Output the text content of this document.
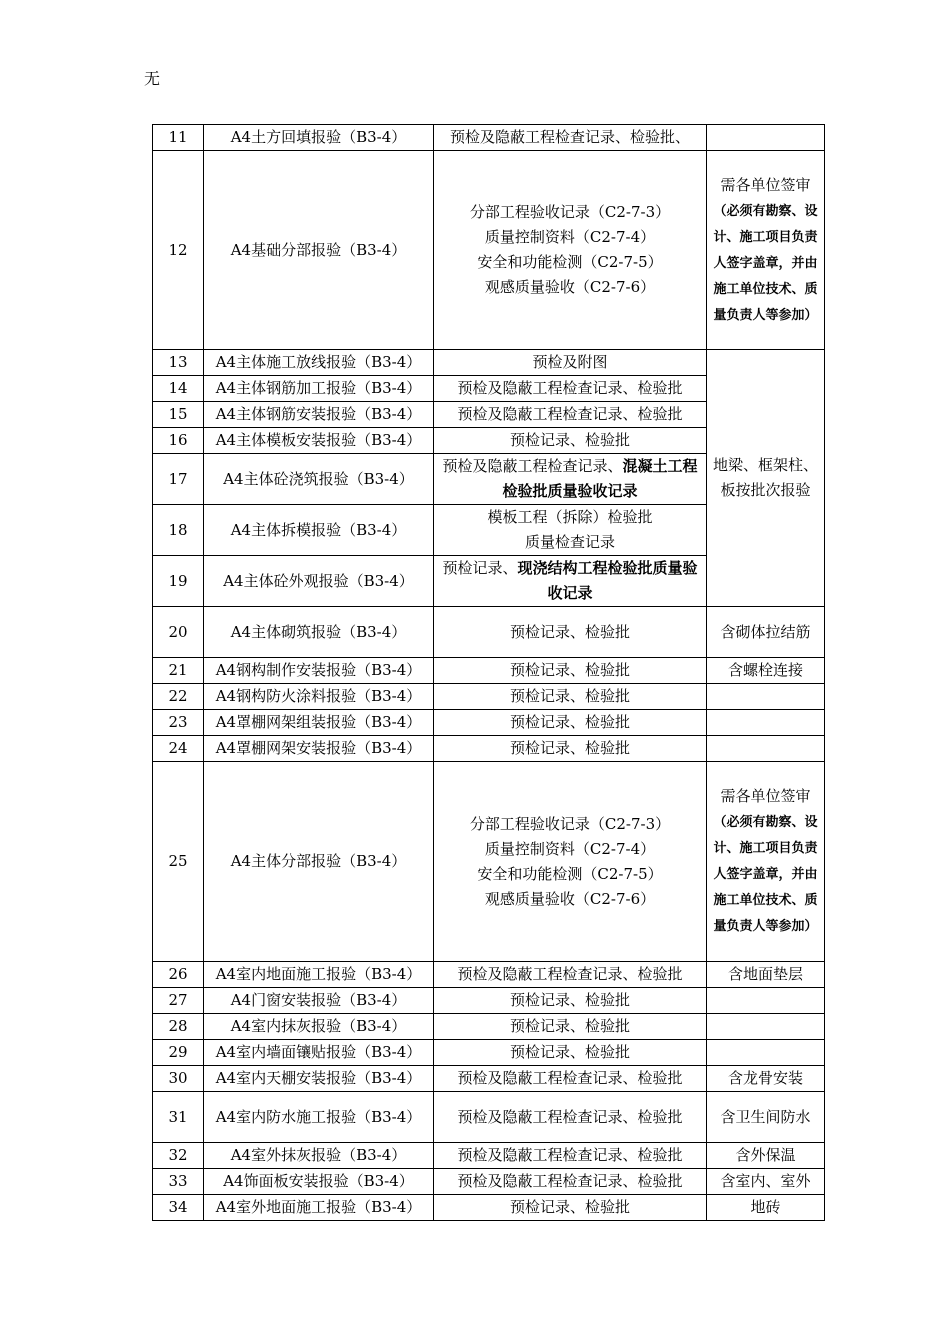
无
11	A4土方回填报验（B3-4）	预检及隐蔽工程检查记录、检验批、	
12	A4基础分部报验（B3-4）	分部工程验收记录（C2-7-3）
质量控制资料（C2-7-4）
安全和功能检测（C2-7-5）
观感质量验收（C2-7-6）	需各单位签审（必须有勘察、设计、施工项目负责人签字盖章，并由施工单位技术、质量负责人等参加）
13	A4主体施工放线报验（B3-4）	预检及附图	地梁、框架柱、板按批次报验
14	A4主体钢筋加工报验（B3-4）	预检及隐蔽工程检查记录、检验批	
15	A4主体钢筋安装报验（B3-4）	预检及隐蔽工程检查记录、检验批	
16	A4主体模板安装报验（B3-4）	预检记录、检验批	
17	A4主体砼浇筑报验（B3-4）	预检及隐蔽工程检查记录、混凝土工程检验批质量验收记录	
18	A4主体拆模报验（B3-4）	模板工程（拆除）检验批
质量检查记录	

19	A4主体砼外观报验（B3-4）	预检记录、现浇结构工程检验批质量验收记录	
20	A4主体砌筑报验（B3-4）	预检记录、检验批	含砌体拉结筋
21	A4钢构制作安装报验（B3-4）	预检记录、检验批	含螺栓连接
22	A4钢构防火涂料报验（B3-4）	预检记录、检验批	
23	A4罩棚网架组装报验（B3-4）	预检记录、检验批	
24	A4罩棚网架安装报验（B3-4）	预检记录、检验批	
25	A4主体分部报验（B3-4）	分部工程验收记录（C2-7-3）
质量控制资料（C2-7-4）
安全和功能检测（C2-7-5）
观感质量验收（C2-7-6）	需各单位签审（必须有勘察、设计、施工项目负责人签字盖章，并由施工单位技术、质量负责人等参加）
26	A4室内地面施工报验（B3-4）	预检及隐蔽工程检查记录、检验批	含地面垫层
27	A4门窗安装报验（B3-4）	预检记录、检验批	
28	A4室内抹灰报验（B3-4）	预检记录、检验批	
29	A4室内墙面镶贴报验（B3-4）	预检记录、检验批	
30	A4室内天棚安装报验（B3-4）	预检及隐蔽工程检查记录、检验批	含龙骨安装
31	A4室内防水施工报验（B3-4）	预检及隐蔽工程检查记录、检验批	含卫生间防水
32	A4室外抹灰报验（B3-4）	预检及隐蔽工程检查记录、检验批	含外保温
33	A4饰面板安装报验（B3-4）	预检及隐蔽工程检查记录、检验批	含室内、室外
34	A4室外地面施工报验（B3-4）	预检记录、检验批	地砖
